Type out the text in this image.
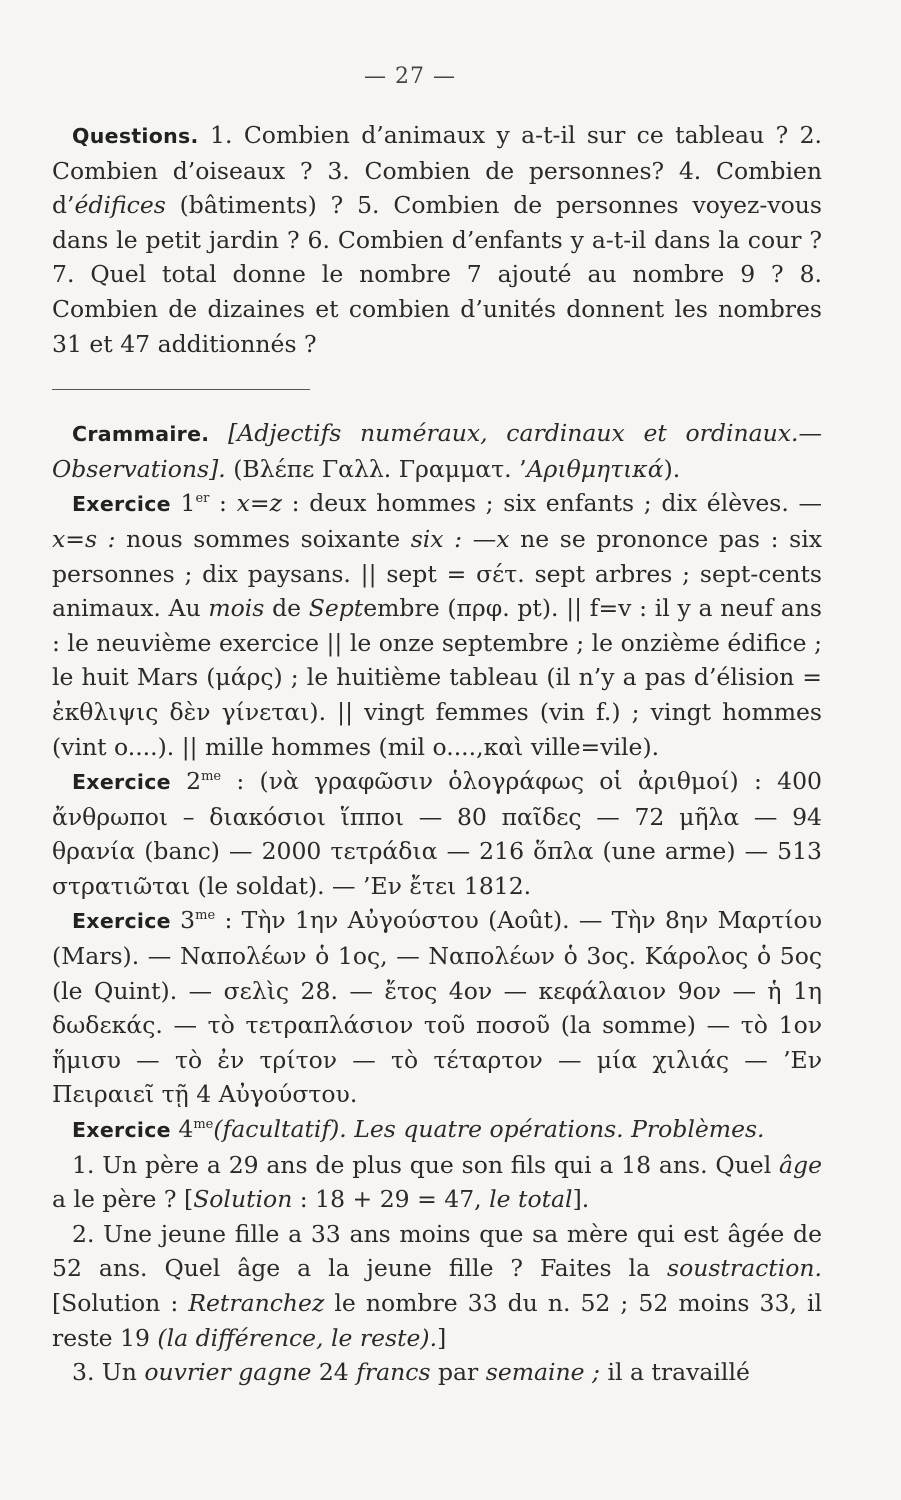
— 27 —

Questions. 1. Combien d’animaux y a-t-il sur ce tableau ? 2. Combien d’oiseaux ? 3. Combien de personnes? 4. Combien d’édifices (bâtiments) ? 5. Combien de personnes voyez-vous dans le petit jardin ? 6. Combien d’enfants y a-t-il dans la cour ? 7. Quel total donne le nombre 7 ajouté au nombre 9 ? 8. Combien de dizaines et combien d’unités donnent les nombres 31 et 47 additionnés ?

Crammaire. [Adjectifs numéraux, cardinaux et ordinaux.—Observations]. (Βλέπε Γαλλ. Γραμματ. ’Αριθμητικά).

Exercice 1er : x=z : deux hommes ; six enfants ; dix élèves. —x=s : nous sommes soixante six : —x ne se prononce pas : six personnes ; dix paysans. || sept = σέτ. sept arbres ; sept-cents animaux. Au mois de Septembre (πρφ. pt). || f=v : il y a neuf ans : le neuvième exercice || le onze septembre ; le onzième édifice ; le huit Mars (μάρς) ; le huitième tableau (il n’y a pas d’élision = ἐκθλιψις δὲν γίνεται). || vingt femmes (vin f.) ; vingt hommes (vint o....). || mille hommes (mil o....,καὶ ville=vile).

Exercice $2^{me}$ : (νὰ γραφῶσιν ὁλογράφως οἱ ἀριθμοί) : 400 ἄνθρωποι – διακόσιοι ἵπποι — 80 παῖδες — 72 μῆλα — 94 θρανία (banc) — 2000 τετράδια — 216 ὅπλα (une arme) — 513 στρατιῶται (le soldat). — ’Εν ἔτει 1812.

Exercice $3^{me}$ : Τὴν 1ην Αὐγούστου (Août). — Τὴν 8ην Μαρτίου (Mars). — Ναπολέων ὁ 1ος, — Ναπολέων ὁ 3ος. Κάρολος ὁ 5ος (le Quint). — σελὶς 28. — ἔτος 4ον — κεφάλαιον 9ον — ἡ 1η δωδεκάς. — τὸ τετραπλάσιον τοῦ ποσοῦ (la somme) — τὸ 1ον ἥμισυ — τὸ ἐν τρίτον — τὸ τέταρτον — μία χιλιάς — ’Εν Πειραιεῖ τῇ 4 Αὐγούστου.

Exercice $4^{me}(facultatif)$. Les quatre opérations. Problèmes.

1. Un père a 29 ans de plus que son fils qui a 18 ans. Quel âge a le père ? [Solution : 18 + 29 = 47, le total].

2. Une jeune fille a 33 ans moins que sa mère qui est âgée de 52 ans. Quel âge a la jeune fille ? Faites la soustraction. [Solution : Retranchez le nombre 33 du n. 52 ; 52 moins 33, il reste 19 (la différence, le reste).]

3. Un ouvrier gagne 24 francs par semaine ; il a travaillé
